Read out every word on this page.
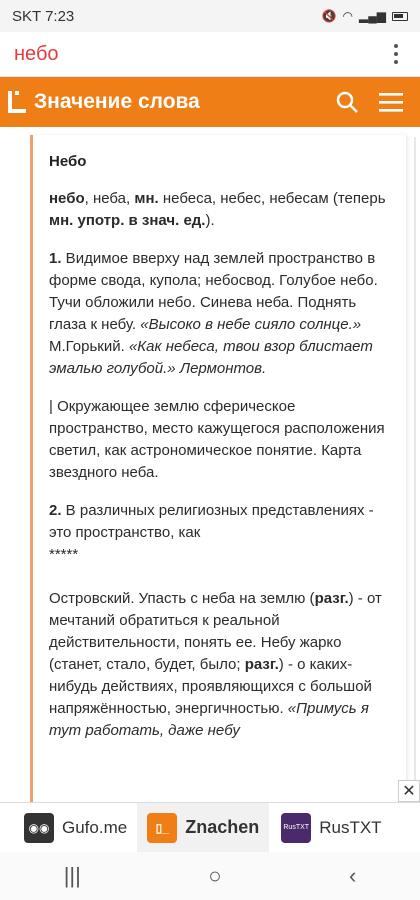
SKT 7:23	🔇 ◠ ▂▄▆
небо
Значение слова
Небо
небо, неба, мн. небеса, небес, небесам (теперь мн. употр. в знач. ед.).
1. Видимое вверху над землей пространство в форме свода, купола; небосвод. Голубое небо. Тучи обложили небо. Синева неба. Поднять глаза к небу. «Высоко в небе сияло солнце.» М.Горький. «Как небеса, твои взор блистает эмалью голубой.» Лермонтов.
| Окружающее землю сферическое пространство, место кажущегося расположения светил, как астрономическое понятие. Карта звездного неба.
2. В различных религиозных представлениях - это пространство, как
*****
Островский. Упасть с неба на землю (разг.) - от мечтаний обратиться к реальной действительности, понять ее. Небу жарко (станет, стало, будет, было; разг.) - о каких-нибудь действиях, проявляющихся с большой напряжённостью, энергичностью. «Примусь я тут работать, даже небу
✕
◉◉ Gufo.me	▯_ Znachen	RusTXT RusTXT
|||	○	‹
